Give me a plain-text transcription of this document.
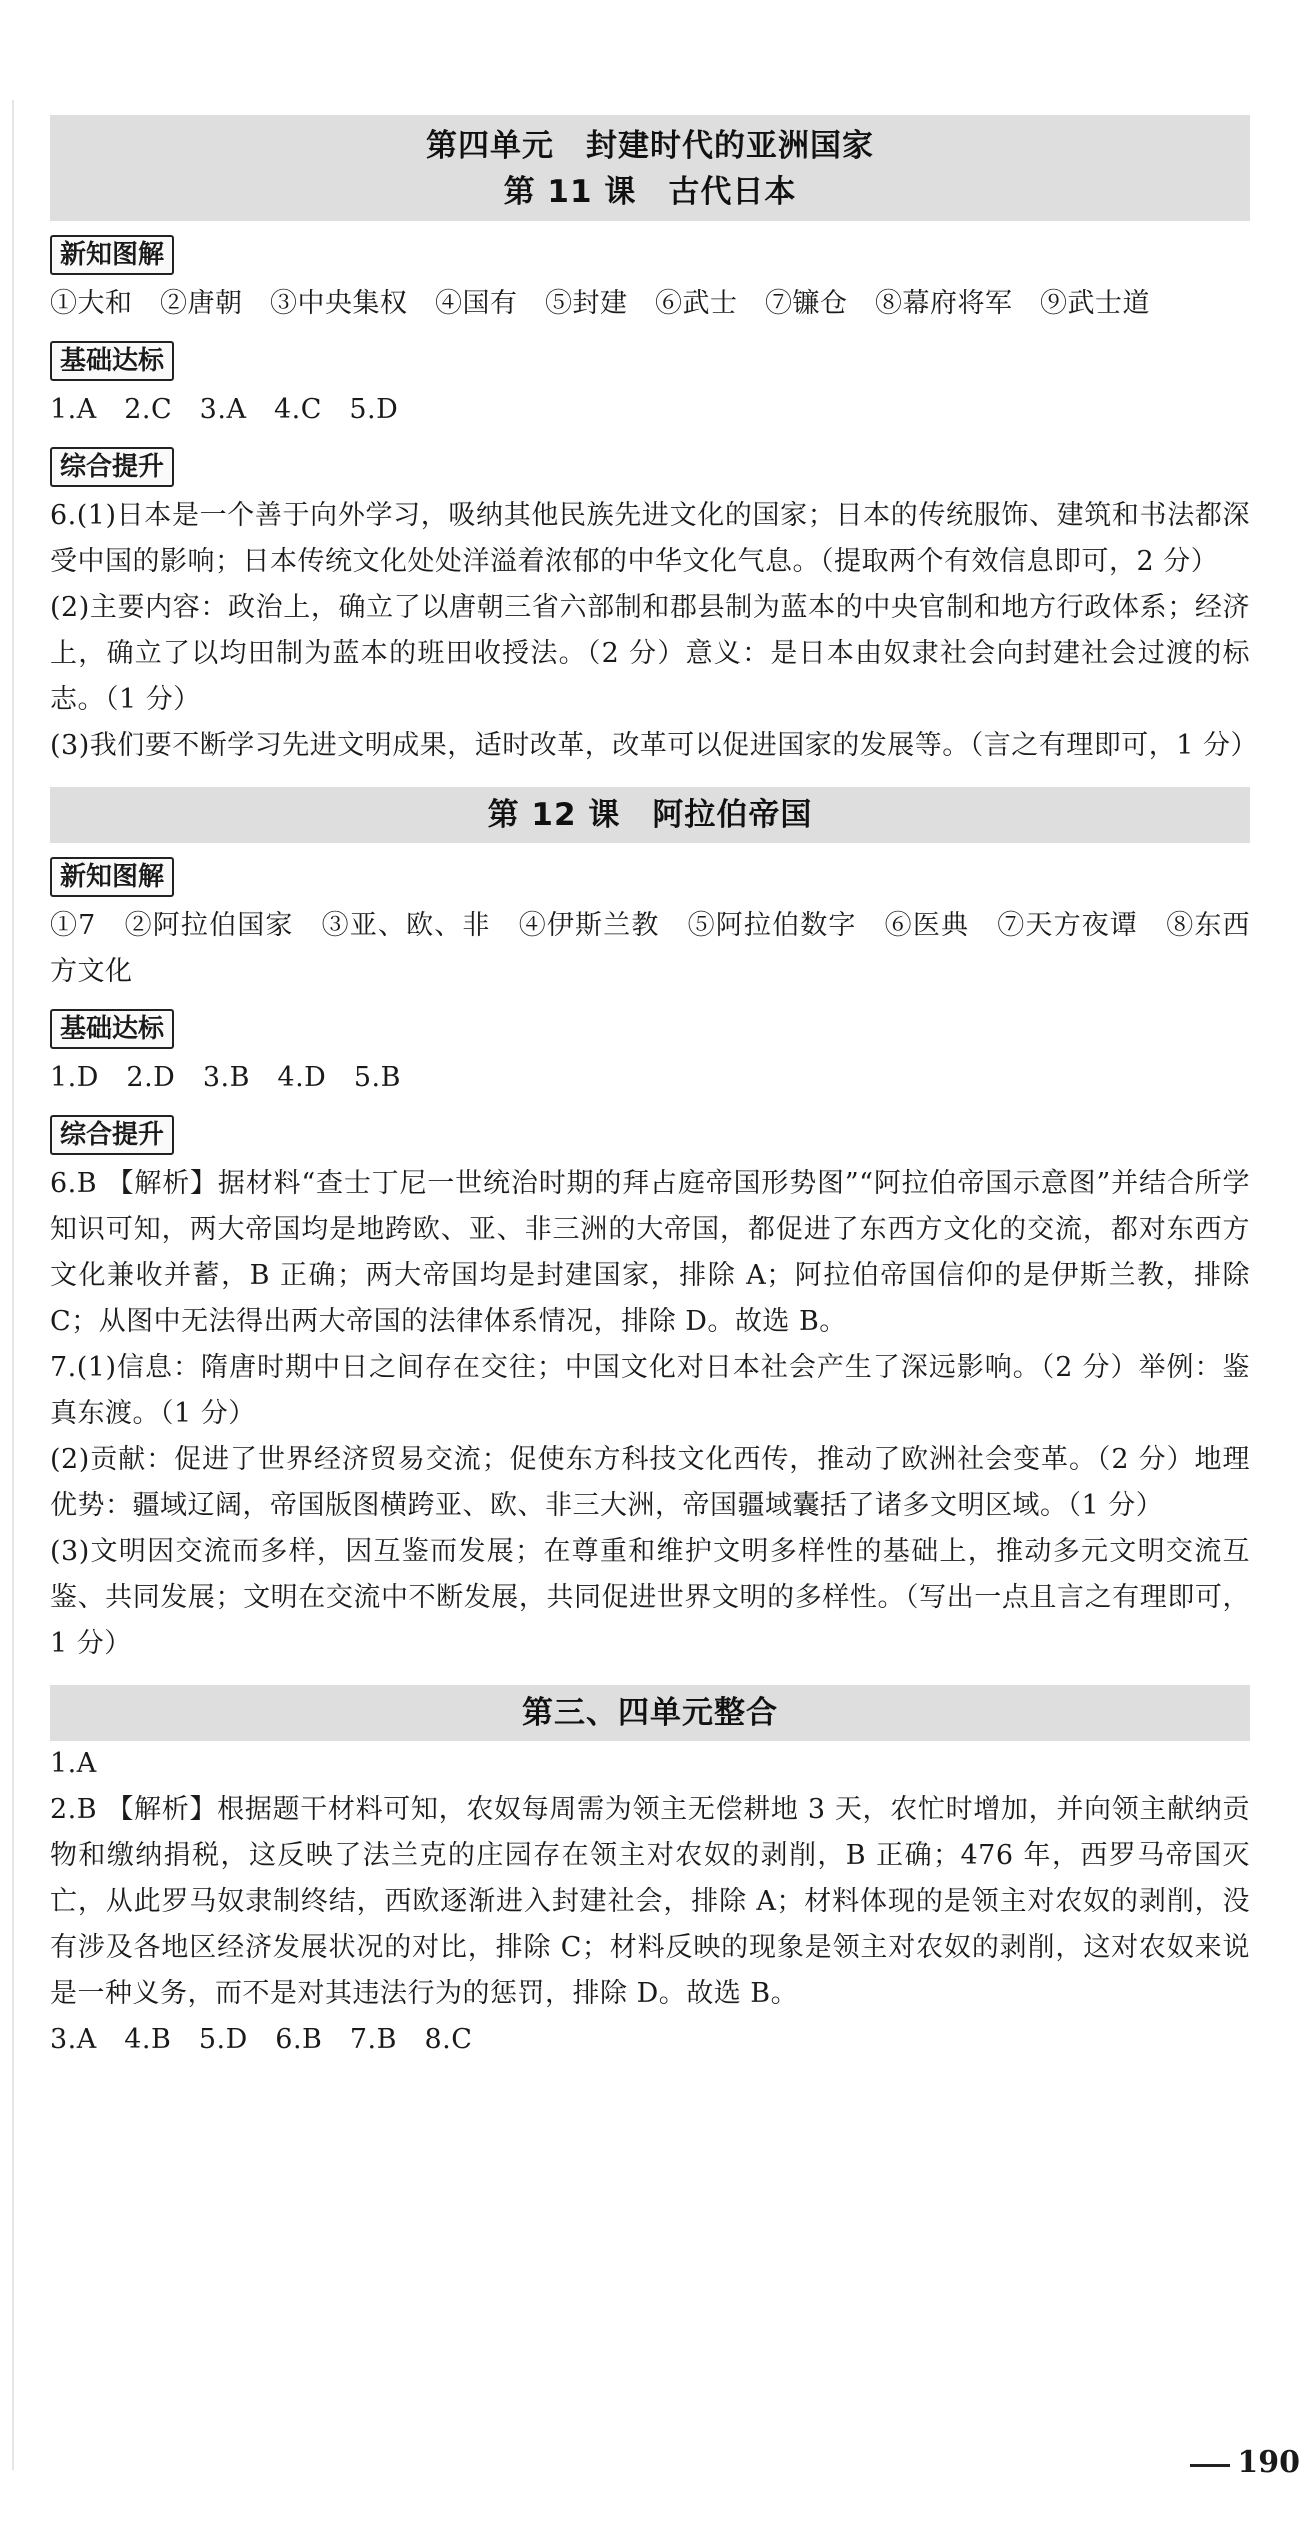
第四单元　封建时代的亚洲国家
第 11 课　古代日本
新知图解
①大和　②唐朝　③中央集权　④国有　⑤封建　⑥武士　⑦镰仓　⑧幕府将军　⑨武士道
基础达标
1.A　2.C　3.A　4.C　5.D
综合提升
6.(1)日本是一个善于向外学习，吸纳其他民族先进文化的国家；日本的传统服饰、建筑和书法都深受中国的影响；日本传统文化处处洋溢着浓郁的中华文化气息。（提取两个有效信息即可，2 分）
(2)主要内容：政治上，确立了以唐朝三省六部制和郡县制为蓝本的中央官制和地方行政体系；经济上，确立了以均田制为蓝本的班田收授法。（2 分）意义：是日本由奴隶社会向封建社会过渡的标志。（1 分）
(3)我们要不断学习先进文明成果，适时改革，改革可以促进国家的发展等。（言之有理即可，1 分）
第 12 课　阿拉伯帝国
新知图解
①7　②阿拉伯国家　③亚、欧、非　④伊斯兰教　⑤阿拉伯数字　⑥医典　⑦天方夜谭　⑧东西方文化
基础达标
1.D　2.D　3.B　4.D　5.B
综合提升
6.B 【解析】据材料“查士丁尼一世统治时期的拜占庭帝国形势图”“阿拉伯帝国示意图”并结合所学知识可知，两大帝国均是地跨欧、亚、非三洲的大帝国，都促进了东西方文化的交流，都对东西方文化兼收并蓄，B 正确；两大帝国均是封建国家，排除 A；阿拉伯帝国信仰的是伊斯兰教，排除 C；从图中无法得出两大帝国的法律体系情况，排除 D。故选 B。
7.(1)信息：隋唐时期中日之间存在交往；中国文化对日本社会产生了深远影响。（2 分）举例：鉴真东渡。（1 分）
(2)贡献：促进了世界经济贸易交流；促使东方科技文化西传，推动了欧洲社会变革。（2 分）地理优势：疆域辽阔，帝国版图横跨亚、欧、非三大洲，帝国疆域囊括了诸多文明区域。（1 分）
(3)文明因交流而多样，因互鉴而发展；在尊重和维护文明多样性的基础上，推动多元文明交流互鉴、共同发展；文明在交流中不断发展，共同促进世界文明的多样性。（写出一点且言之有理即可，1 分）
第三、四单元整合
1.A
2.B 【解析】根据题干材料可知，农奴每周需为领主无偿耕地 3 天，农忙时增加，并向领主献纳贡物和缴纳捐税，这反映了法兰克的庄园存在领主对农奴的剥削，B 正确；476 年，西罗马帝国灭亡，从此罗马奴隶制终结，西欧逐渐进入封建社会，排除 A；材料体现的是领主对农奴的剥削，没有涉及各地区经济发展状况的对比，排除 C；材料反映的现象是领主对农奴的剥削，这对农奴来说是一种义务，而不是对其违法行为的惩罚，排除 D。故选 B。
3.A　4.B　5.D　6.B　7.B　8.C
190
